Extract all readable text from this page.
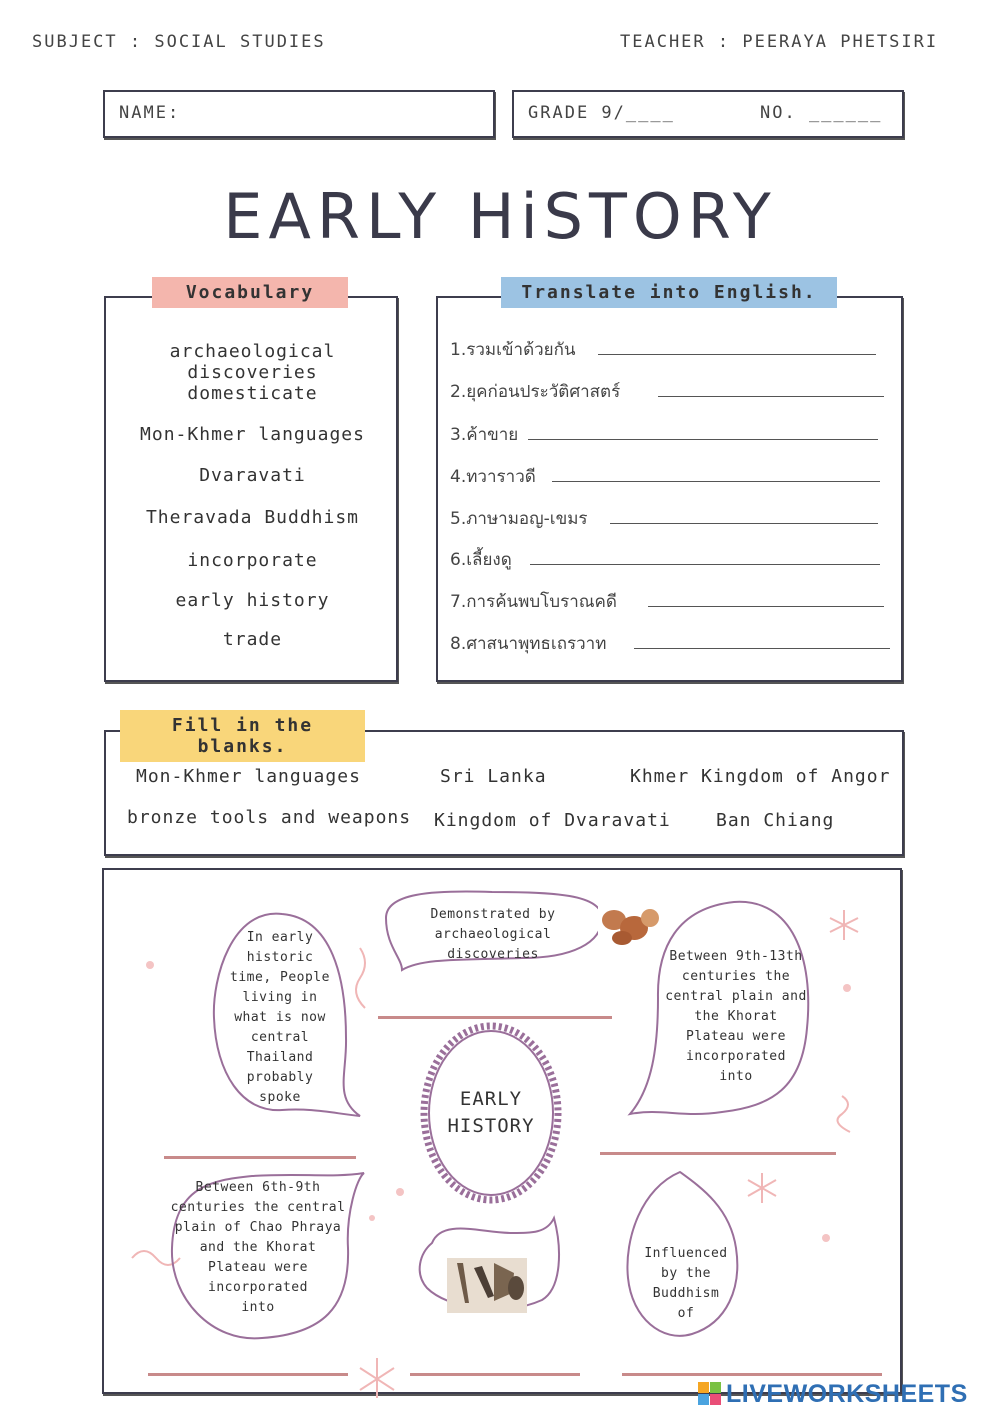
SUBJECT : SOCIAL STUDIES	TEACHER : PEERAYA PHETSIRI
NAME:	GRADE 9/____	NO. ______
EARLY HiSTORY
Vocabulary
archaeological discoveries
domesticate
Mon-Khmer languages
Dvaravati
Theravada Buddhism
incorporate
early history
trade
Translate into English.
1.รวมเข้าด้วยกัน
2.ยุคก่อนประวัติศาสตร์
3.ค้าขาย
4.ทวาราวดี
5.ภาษามอญ-เขมร
6.เลี้ยงดู
7.การค้นพบโบราณคดี
8.ศาสนาพุทธเถรวาท
Fill in the blanks.
Mon-Khmer languages	Sri Lanka	Khmer Kingdom of Angor
bronze tools and weapons Kingdom of Dvaravati	Ban Chiang
In early
historic
time, People
living in
what is now
central
Thailand
probably
spoke
Demonstrated by
archaeological discoveries	Between 9th-13th
centuries the
central plain and
the Khorat
Plateau were
incorporated
into
Between 6th-9th
centuries the central
plain of Chao Phraya
and the Khorat
Plateau were
incorporated
into
Influenced
by the
Buddhism
of
EARLY
HISTORY
LIVEWORKSHEETS
